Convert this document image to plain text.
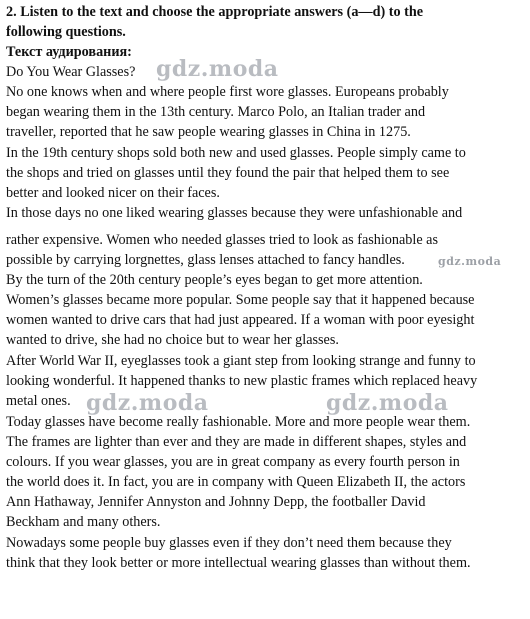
2. Listen to the text and choose the appropriate answers (a—d) to the
following questions.
Текст аудирования:
Do You Wear Glasses?
No one knows when and where people first wore glasses. Europeans probably
began wearing them in the 13th century. Marco Polo, an Italian trader and
traveller, reported that he saw people wearing glasses in China in 1275.
In the 19th century shops sold both new and used glasses. People simply came to
the shops and tried on glasses until they found the pair that helped them to see
better and looked nicer on their faces.
In those days no one liked wearing glasses because they were unfashionable and
rather expensive. Women who needed glasses tried to look as fashionable as
possible by carrying lorgnettes, glass lenses attached to fancy handles.
By the turn of the 20th century people’s eyes began to get more attention.
Women’s glasses became more popular. Some people say that it happened because
women wanted to drive cars that had just appeared. If a woman with poor eyesight
wanted to drive, she had no choice but to wear her glasses.
After World War II, eyeglasses took a giant step from looking strange and funny to
looking wonderful. It happened thanks to new plastic frames which replaced heavy
metal ones.
Today glasses have become really fashionable. More and more people wear them.
The frames are lighter than ever and they are made in different shapes, styles and
colours. If you wear glasses, you are in great company as every fourth person in
the world does it. In fact, you are in company with Queen Elizabeth II, the actors
Ann Hathaway, Jennifer Annyston and Johnny Depp, the footballer David
Beckham and many others.
Nowadays some people buy glasses even if they don’t need them because they
think that they look better or more intellectual wearing glasses than without them.
gdz.moda
gdz.moda
gdz.moda	gdz.moda
